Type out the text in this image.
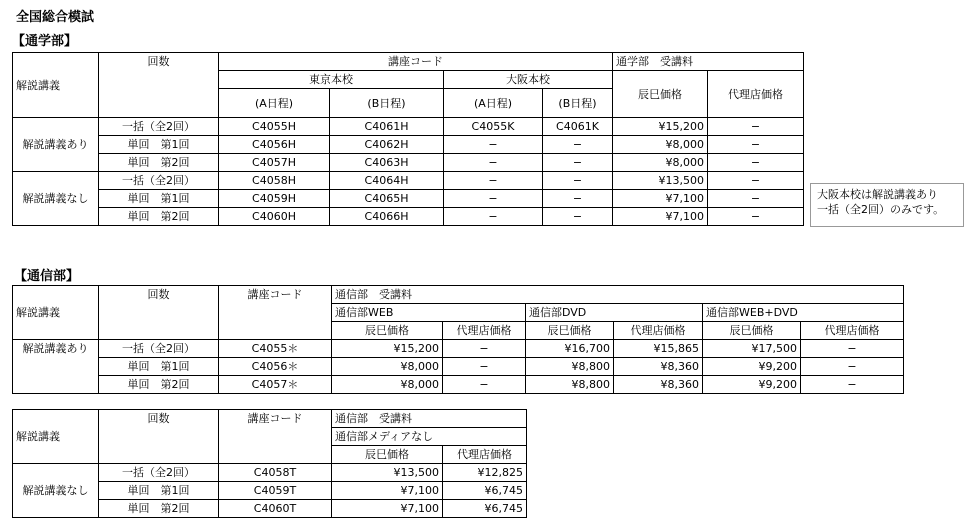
全国総合模試
【通学部】
解説講義	回数	講座コード				通学部　受講料	
		東京本校		大阪本校		辰巳価格	代理店価格
		(A日程)	(B日程)	(A日程)	(B日程)		
解説講義あり	一括（全2回）	C4055H	C4061H	C4055K	C4061K	¥15,200	−
	単回　第1回	C4056H	C4062H	−	−	¥8,000	−
	単回　第2回	C4057H	C4063H	−	−	¥8,000	−
解説講義なし	一括（全2回）	C4058H	C4064H	−	−	¥13,500	−
	単回　第1回	C4059H	C4065H	−	−	¥7,100	−
	単回　第2回	C4060H	C4066H	−	−	¥7,100	−
大阪本校は解説講義あり
一括（全2回）のみです。
【通信部】
解説講義	回数	講座コード	通信部　受講料					
			通信部WEB		通信部DVD		通信部WEB+DVD	
			辰巳価格	代理店価格	辰巳価格	代理店価格	辰巳価格	代理店価格
解説講義あり	一括（全2回）	C4055＊	¥15,200	−	¥16,700	¥15,865	¥17,500	−
	単回　第1回	C4056＊	¥8,000	−	¥8,800	¥8,360	¥9,200	−
	単回　第2回	C4057＊	¥8,000	−	¥8,800	¥8,360	¥9,200	−
解説講義	回数	講座コード	通信部　受講料	
			通信部メディアなし	
			辰巳価格	代理店価格
解説講義なし	一括（全2回）	C4058T	¥13,500	¥12,825
	単回　第1回	C4059T	¥7,100	¥6,745
	単回　第2回	C4060T	¥7,100	¥6,745
